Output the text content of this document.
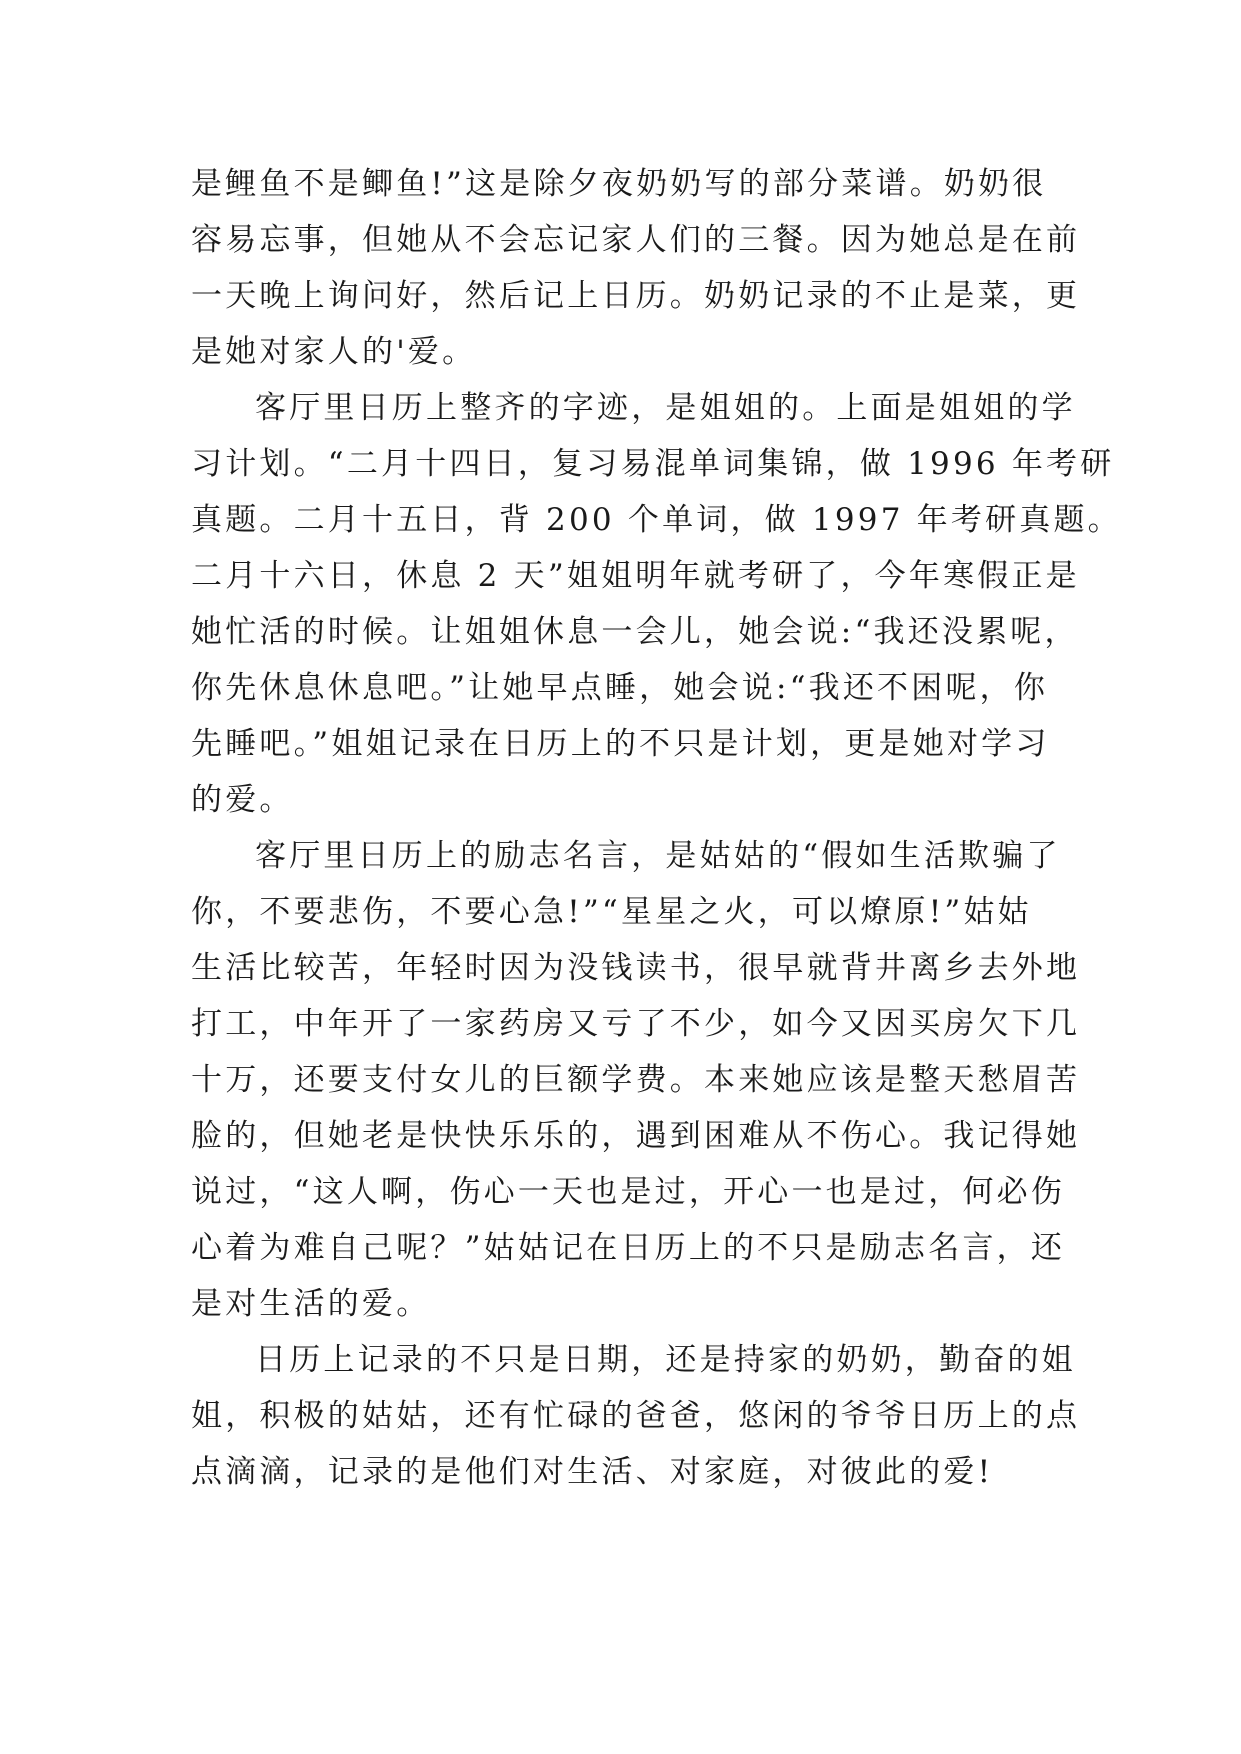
是鲤鱼不是鲫鱼!”这是除夕夜奶奶写的部分菜谱。奶奶很
容易忘事，但她从不会忘记家人们的三餐。因为她总是在前
一天晚上询问好，然后记上日历。奶奶记录的不止是菜，更
是她对家人的'爱。
客厅里日历上整齐的字迹，是姐姐的。上面是姐姐的学
习计划。“二月十四日，复习易混单词集锦，做 1996 年考研
真题。二月十五日，背 200 个单词，做 1997 年考研真题。
二月十六日，休息 2 天”姐姐明年就考研了，今年寒假正是
她忙活的时候。让姐姐休息一会儿，她会说:“我还没累呢，
你先休息休息吧。”让她早点睡，她会说:“我还不困呢，你
先睡吧。”姐姐记录在日历上的不只是计划，更是她对学习
的爱。
客厅里日历上的励志名言，是姑姑的“假如生活欺骗了
你，不要悲伤，不要心急!”“星星之火，可以燎原!”姑姑
生活比较苦，年轻时因为没钱读书，很早就背井离乡去外地
打工，中年开了一家药房又亏了不少，如今又因买房欠下几
十万，还要支付女儿的巨额学费。本来她应该是整天愁眉苦
脸的，但她老是快快乐乐的，遇到困难从不伤心。我记得她
说过，“这人啊，伤心一天也是过，开心一也是过，何必伤
心着为难自己呢？”姑姑记在日历上的不只是励志名言，还
是对生活的爱。
日历上记录的不只是日期，还是持家的奶奶，勤奋的姐
姐，积极的姑姑，还有忙碌的爸爸，悠闲的爷爷日历上的点
点滴滴，记录的是他们对生活、对家庭，对彼此的爱!
